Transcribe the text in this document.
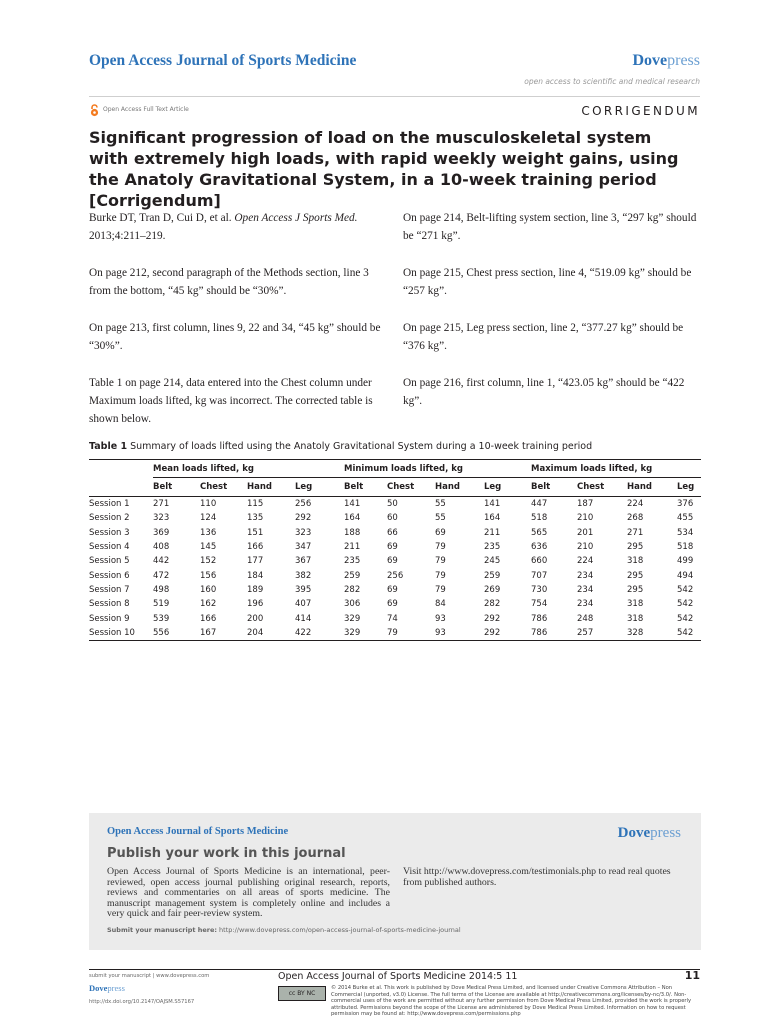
Open Access Journal of Sports Medicine	Dovepress
open access to scientific and medical research
Open Access Full Text Article	CORRIGENDUM
Significant progression of load on the musculoskeletal system with extremely high loads, with rapid weekly weight gains, using the Anatoly Gravitational System, in a 10-week training period [Corrigendum]

Burke DT, Tran D, Cui D, et al. Open Access J Sports Med. 2013;4:211–219.

On page 212, second paragraph of the Methods section, line 3 from the bottom, “45 kg” should be “30%”.

On page 213, first column, lines 9, 22 and 34, “45 kg” should be “30%”.

Table 1 on page 214, data entered into the Chest column under Maximum loads lifted, kg was incorrect. The corrected table is shown below.

On page 214, Belt-lifting system section, line 3, “297 kg” should be “271 kg”.

On page 215, Chest press section, line 4, “519.09 kg” should be “257 kg”.

On page 215, Leg press section, line 2, “377.27 kg” should be “376 kg”.

On page 216, first column, line 1, “423.05 kg” should be “422 kg”.

Table 1 Summary of loads lifted using the Anatoly Gravitational System during a 10-week training period
	Mean loads lifted, kg				Minimum loads lifted, kg				Maximum loads lifted, kg			
	Belt	Chest	Hand	Leg	Belt	Chest	Hand	Leg	Belt	Chest	Hand	Leg
Session 1	271	110	115	256	141	50	55	141	447	187	224	376
Session 2	323	124	135	292	164	60	55	164	518	210	268	455
Session 3	369	136	151	323	188	66	69	211	565	201	271	534
Session 4	408	145	166	347	211	69	79	235	636	210	295	518
Session 5	442	152	177	367	235	69	79	245	660	224	318	499
Session 6	472	156	184	382	259	256	79	259	707	234	295	494
Session 7	498	160	189	395	282	69	79	269	730	234	295	542
Session 8	519	162	196	407	306	69	84	282	754	234	318	542
Session 9	539	166	200	414	329	74	93	292	786	248	318	542
Session 10	556	167	204	422	329	79	93	292	786	257	328	542
Open Access Journal of Sports Medicine	Dovepress
Publish your work in this journal
Open Access Journal of Sports Medicine is an international, peer-reviewed, open access journal publishing original research, reports, reviews and commentaries on all areas of sports medicine. The manuscript management system is completely online and includes a very quick and fair peer-review system.
Visit http://www.dovepress.com/testimonials.php to read real quotes from published authors.
Submit your manuscript here: http://www.dovepress.com/open-access-journal-of-sports-medicine-journal
submit your manuscript | www.dovepress.com
Dovepress
http://dx.doi.org/10.2147/OAJSM.S57167
Open Access Journal of Sports Medicine 2014:5 11	11
cc BY NC
© 2014 Burke et al. This work is published by Dove Medical Press Limited, and licensed under Creative Commons Attribution – Non Commercial (unported, v3.0) License. The full terms of the License are available at http://creativecommons.org/licenses/by-nc/3.0/. Non-commercial uses of the work are permitted without any further permission from Dove Medical Press Limited, provided the work is properly attributed. Permissions beyond the scope of the License are administered by Dove Medical Press Limited. Information on how to request permission may be found at: http://www.dovepress.com/permissions.php
